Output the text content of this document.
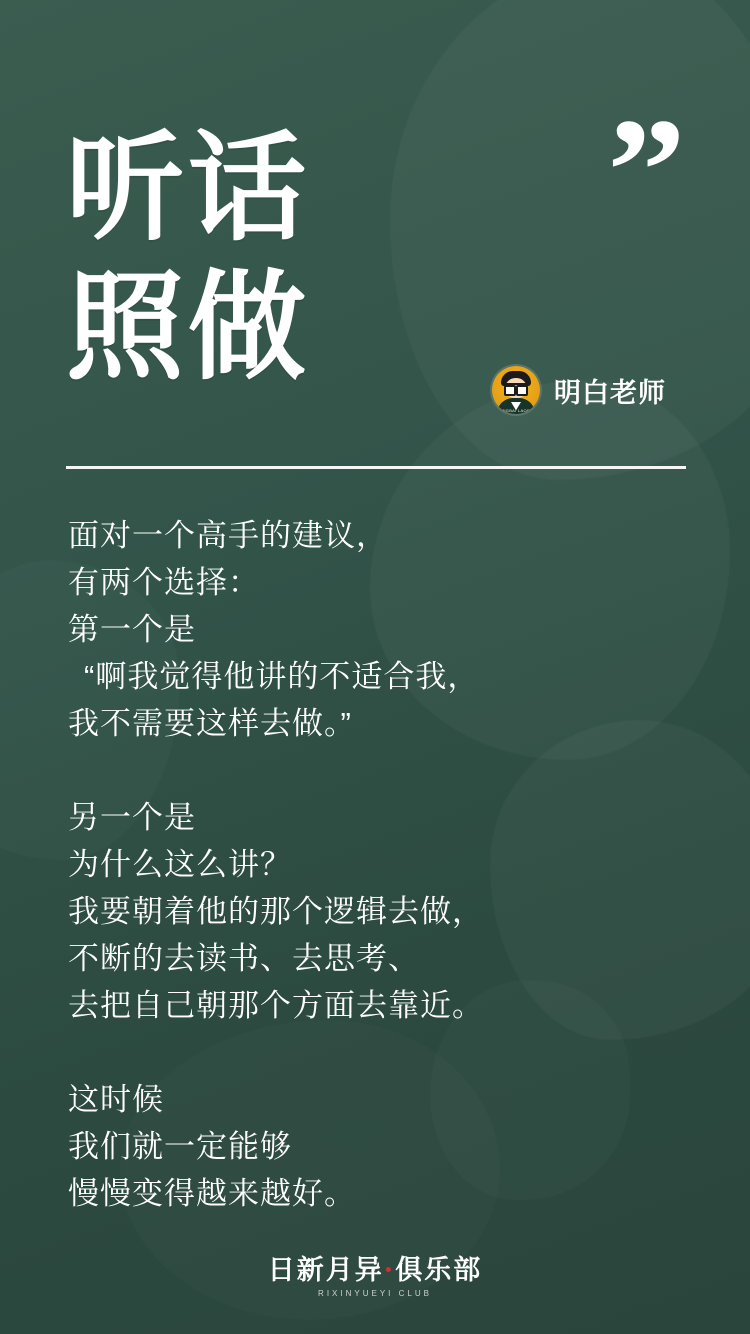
”
听话
照做
MINGBAI LAOSHI
明白老师

面对一个高手的建议，

有两个选择：

第一个是

“啊我觉得他讲的不适合我，

我不需要这样去做。”

另一个是

为什么这么讲？

我要朝着他的那个逻辑去做，

不断的去读书、去思考、

去把自己朝那个方面去靠近。

这时候

我们就一定能够

慢慢变得越来越好。

日新月异·俱乐部
RIXINYUEYI CLUB
